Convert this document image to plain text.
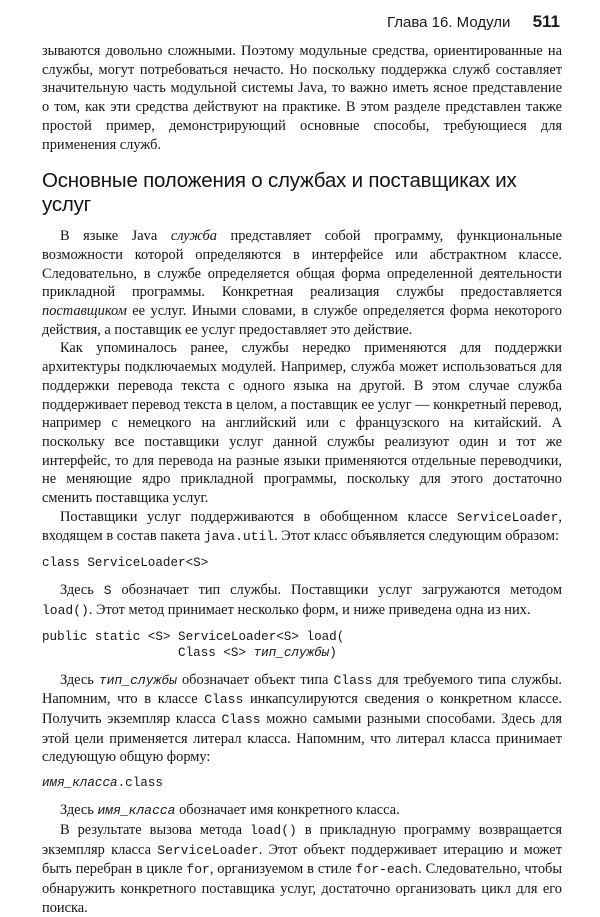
Глава 16. Модули 511

зываются довольно сложными. Поэтому модульные средства, ориентированные на службы, могут потребоваться нечасто. Но поскольку поддержка служб составляет значительную часть модульной системы Java, то важно иметь ясное представление о том, как эти средства действуют на практике. В этом разделе представлен также простой пример, демонстрирующий основные способы, требующиеся для применения служб.

Основные положения о службах и поставщиках их услуг

В языке Java служба представляет собой программу, функциональные возможности которой определяются в интерфейсе или абстрактном классе. Следовательно, в службе определяется общая форма определенной деятельности прикладной программы. Конкретная реализация службы предоставляется поставщиком ее услуг. Иными словами, в службе определяется форма некоторого действия, а поставщик ее услуг предоставляет это действие.

Как упоминалось ранее, службы нередко применяются для поддержки архитектуры подключаемых модулей. Например, служба может использоваться для поддержки перевода текста с одного языка на другой. В этом случае служба поддерживает перевод текста в целом, а поставщик ее услуг — конкретный перевод, например с немецкого на английский или с французского на китайский. А поскольку все поставщики услуг данной службы реализуют один и тот же интерфейс, то для перевода на разные языки применяются отдельные переводчики, не меняющие ядро прикладной программы, поскольку для этого достаточно сменить поставщика услуг.

Поставщики услуг поддерживаются в обобщенном классе ServiceLoader, входящем в состав пакета java.util. Этот класс объявляется следующим образом:

class ServiceLoader<S>

Здесь S обозначает тип службы. Поставщики услуг загружаются методом load(). Этот метод принимает несколько форм, и ниже приведена одна из них.

public static <S> ServiceLoader<S> load(
Class <S> тип_службы)

Здесь тип_службы обозначает объект типа Class для требуемого типа службы. Напомним, что в классе Class инкапсулируются сведения о конкретном классе. Получить экземпляр класса Class можно самыми разными способами. Здесь для этой цели применяется литерал класса. Напомним, что литерал класса принимает следующую общую форму:

имя_класса.class

Здесь имя_класса обозначает имя конкретного класса.

В результате вызова метода load() в прикладную программу возвращается экземпляр класса ServiceLoader. Этот объект поддерживает итерацию и может быть перебран в цикле for, организуемом в стиле for-each. Следовательно, чтобы обнаружить конкретного поставщика услуг, достаточно организовать цикл для его поиска.
